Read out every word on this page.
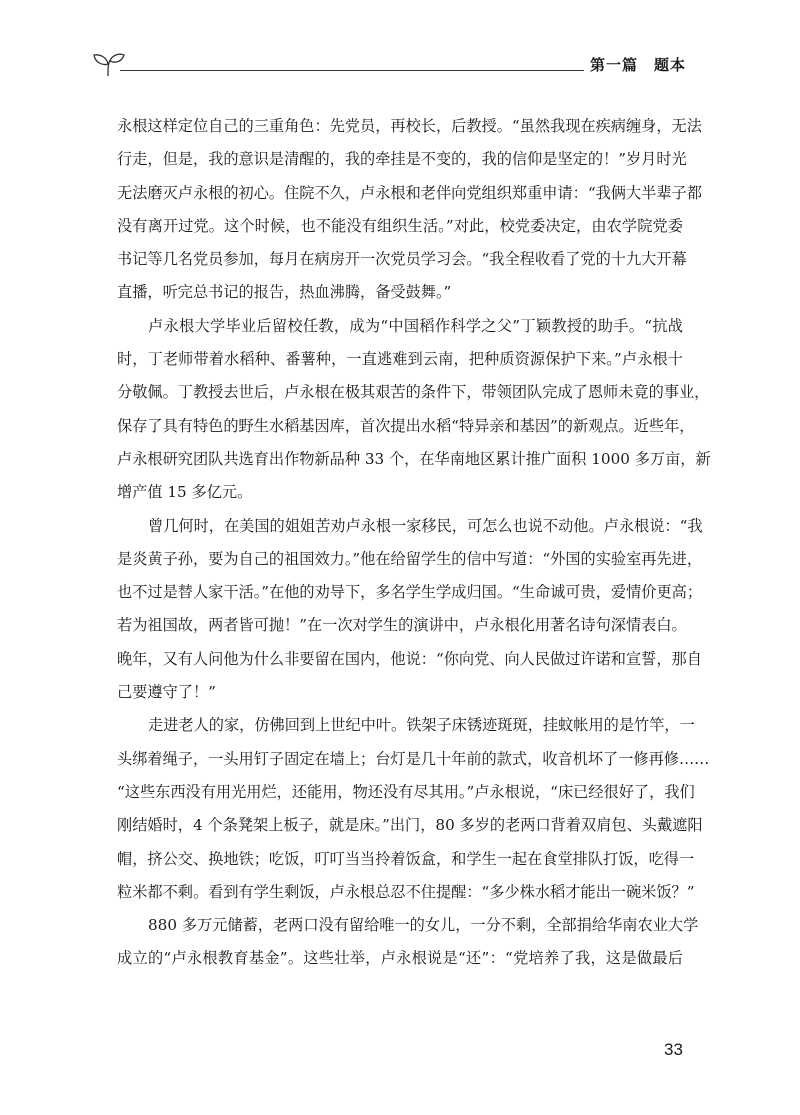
第一篇　题本
永根这样定位自己的三重角色：先党员，再校长，后教授。“虽然我现在疾病缠身，无法
行走，但是，我的意识是清醒的，我的牵挂是不变的，我的信仰是坚定的！”岁月时光
无法磨灭卢永根的初心。住院不久，卢永根和老伴向党组织郑重申请：“我俩大半辈子都
没有离开过党。这个时候，也不能没有组织生活。”对此，校党委决定，由农学院党委
书记等几名党员参加，每月在病房开一次党员学习会。“我全程收看了党的十九大开幕
直播，听完总书记的报告，热血沸腾，备受鼓舞。”
卢永根大学毕业后留校任教，成为“中国稻作科学之父”丁颖教授的助手。“抗战
时，丁老师带着水稻种、番薯种，一直逃难到云南，把种质资源保护下来。”卢永根十
分敬佩。丁教授去世后，卢永根在极其艰苦的条件下，带领团队完成了恩师未竟的事业，
保存了具有特色的野生水稻基因库，首次提出水稻“特异亲和基因”的新观点。近些年，
卢永根研究团队共选育出作物新品种 33 个，在华南地区累计推广面积 1000 多万亩，新
增产值 15 多亿元。
曾几何时，在美国的姐姐苦劝卢永根一家移民，可怎么也说不动他。卢永根说：“我
是炎黄子孙，要为自己的祖国效力。”他在给留学生的信中写道：“外国的实验室再先进，
也不过是替人家干活。”在他的劝导下，多名学生学成归国。“生命诚可贵，爱情价更高；
若为祖国故，两者皆可抛！”在一次对学生的演讲中，卢永根化用著名诗句深情表白。
晚年，又有人问他为什么非要留在国内，他说：“你向党、向人民做过许诺和宣誓，那自
己要遵守了！”
走进老人的家，仿佛回到上世纪中叶。铁架子床锈迹斑斑，挂蚊帐用的是竹竿，一
头绑着绳子，一头用钉子固定在墙上；台灯是几十年前的款式，收音机坏了一修再修……
“这些东西没有用光用烂，还能用，物还没有尽其用。”卢永根说，“床已经很好了，我们
刚结婚时，4 个条凳架上板子，就是床。”出门，80 多岁的老两口背着双肩包、头戴遮阳
帽，挤公交、换地铁；吃饭，叮叮当当拎着饭盒，和学生一起在食堂排队打饭，吃得一
粒米都不剩。看到有学生剩饭，卢永根总忍不住提醒：“多少株水稻才能出一碗米饭？”
880 多万元储蓄，老两口没有留给唯一的女儿，一分不剩，全部捐给华南农业大学
成立的“卢永根教育基金”。这些壮举，卢永根说是“还”：“党培养了我，这是做最后
33
